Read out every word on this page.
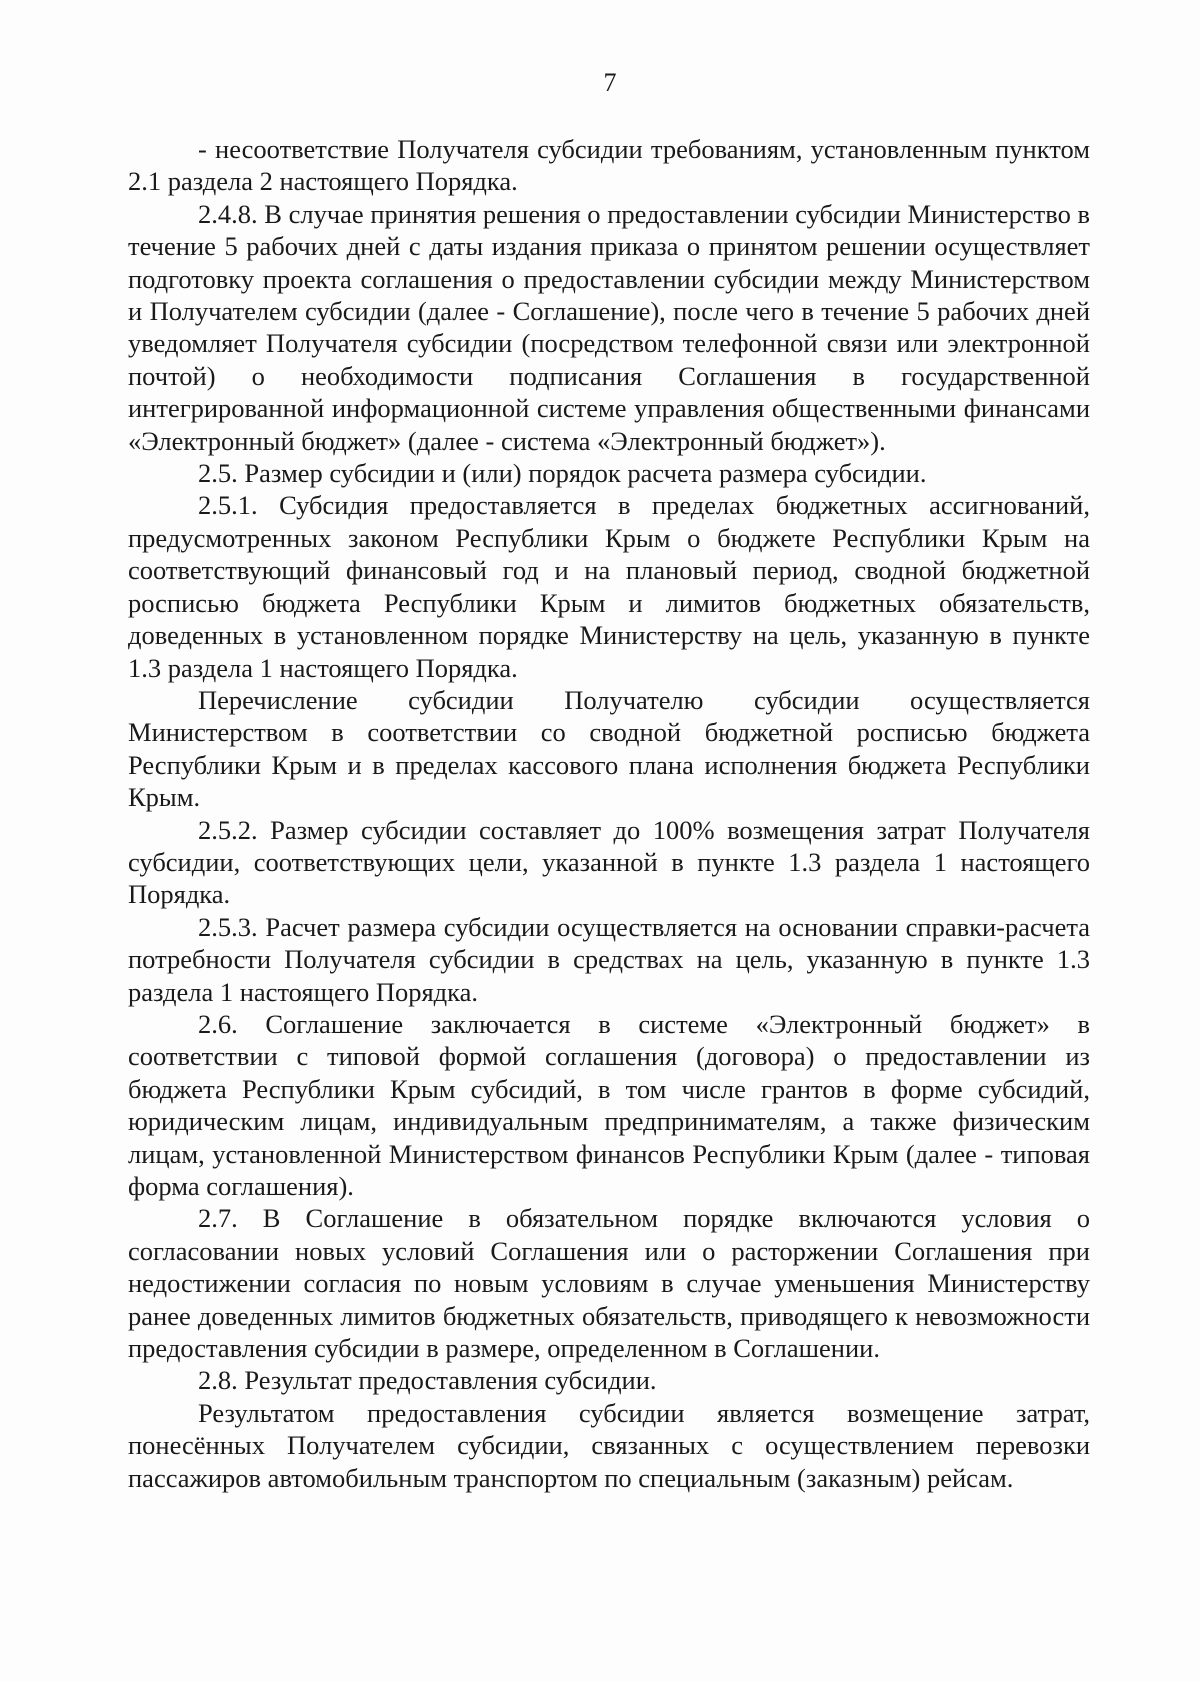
7

- несоответствие Получателя субсидии требованиям, установленным пунктом 2.1 раздела 2 настоящего Порядка.

2.4.8. В случае принятия решения о предоставлении субсидии Министерство в течение 5 рабочих дней с даты издания приказа о принятом решении осуществляет подготовку проекта соглашения о предоставлении субсидии между Министерством и Получателем субсидии (далее - Соглашение), после чего в течение 5 рабочих дней уведомляет Получателя субсидии (посредством телефонной связи или электронной почтой) о необходимости подписания Соглашения в государственной интегрированной информационной системе управления общественными финансами «Электронный бюджет» (далее - система «Электронный бюджет»).

2.5. Размер субсидии и (или) порядок расчета размера субсидии.

2.5.1. Субсидия предоставляется в пределах бюджетных ассигнований, предусмотренных законом Республики Крым о бюджете Республики Крым на соответствующий финансовый год и на плановый период, сводной бюджетной росписью бюджета Республики Крым и лимитов бюджетных обязательств, доведенных в установленном порядке Министерству на цель, указанную в пункте 1.3 раздела 1 настоящего Порядка.

Перечисление субсидии Получателю субсидии осуществляется Министерством в соответствии со сводной бюджетной росписью бюджета Республики Крым и в пределах кассового плана исполнения бюджета Республики Крым.

2.5.2. Размер субсидии составляет до 100% возмещения затрат Получателя субсидии, соответствующих цели, указанной в пункте 1.3 раздела 1 настоящего Порядка.

2.5.3. Расчет размера субсидии осуществляется на основании справки-расчета потребности Получателя субсидии в средствах на цель, указанную в пункте 1.3 раздела 1 настоящего Порядка.

2.6. Соглашение заключается в системе «Электронный бюджет» в соответствии с типовой формой соглашения (договора) о предоставлении из бюджета Республики Крым субсидий, в том числе грантов в форме субсидий, юридическим лицам, индивидуальным предпринимателям, а также физическим лицам, установленной Министерством финансов Республики Крым (далее - типовая форма соглашения).

2.7. В Соглашение в обязательном порядке включаются условия о согласовании новых условий Соглашения или о расторжении Соглашения при недостижении согласия по новым условиям в случае уменьшения Министерству ранее доведенных лимитов бюджетных обязательств, приводящего к невозможности предоставления субсидии в размере, определенном в Соглашении.

2.8. Результат предоставления субсидии.

Результатом предоставления субсидии является возмещение затрат, понесённых Получателем субсидии, связанных с осуществлением перевозки пассажиров автомобильным транспортом по специальным (заказным) рейсам.
